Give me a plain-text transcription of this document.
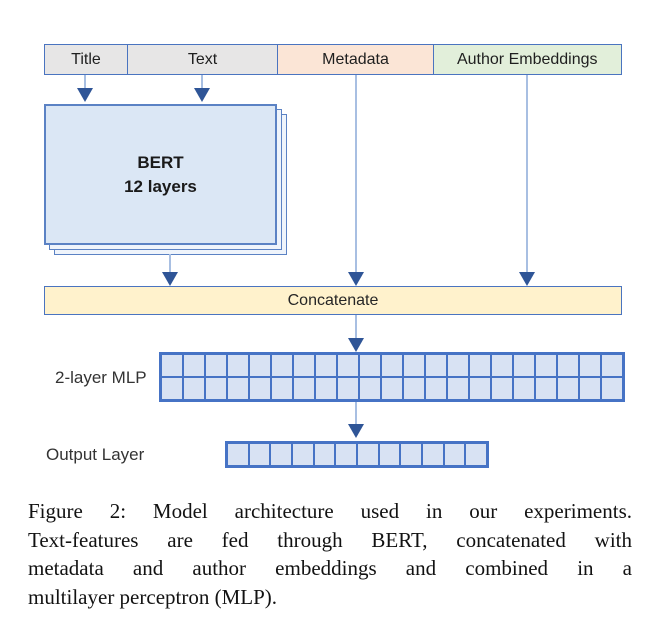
Title	Text	Metadata	Author Embeddings
BERT
12 layers
Concatenate
2-layer MLP
Output Layer
Figure 2: Model architecture used in our experiments.
Text-features are fed through BERT, concatenated with
metadata and author embeddings and combined in a
multilayer perceptron (MLP).
